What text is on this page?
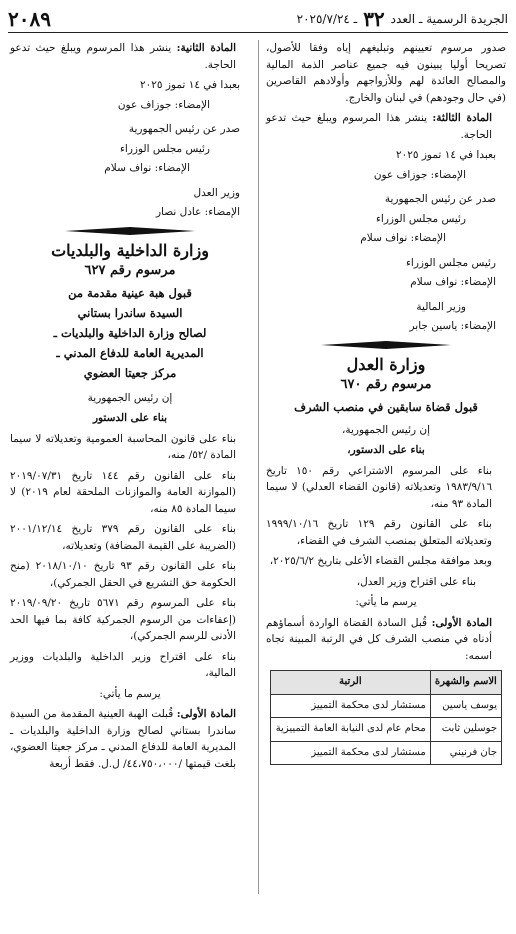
الجريدة الرسمية ـ العدد
٣٢
ـ ٢٠٢٥/٧/٢٤
٢٠٨٩

صدور مرسوم تعيينهم وتبليغهم إياه وفقا للأصول، تصريحا أوليا يبينون فيه جميع عناصر الذمة المالية والمصالح العائدة لهم وللأزواجهم وأولادهم القاصرين (في حال وجودهم) في لبنان والخارج.

المادة الثالثة: ينشر هذا المرسوم ويبلغ حيث تدعو الحاجة.

بعبدا في ١٤ تموز ٢٠٢٥

الإمضاء: جوزاف عون

صدر عن رئيس الجمهورية

رئيس مجلس الوزراء

الإمضاء: نواف سلام

رئيس مجلس الوزراء

الإمضاء: نواف سلام

وزير المالية

الإمضاء: ياسين جابر

وزارة العدل
مرسوم رقم ٦٧٠
قبول قضاة سابقين في منصب الشرف

إن رئيس الجمهورية،

بناء على الدستور،

بناء على المرسوم الاشتراعي رقم ١٥٠ تاريخ ١٩٨٣/٩/١٦ وتعديلاته (قانون القضاء العدلي) لا سيما المادة ٩٣ منه،

بناء على القانون رقم ١٢٩ تاريخ ١٩٩٩/١٠/١٦ وتعديلاته المتعلق بمنصب الشرف في القضاء،

وبعد موافقة مجلس القضاء الأعلى بتاريخ ٢٠٢٥/٦/٢،

بناء على اقتراح وزير العدل،

يرسم ما يأتي:

المادة الأولى: قُبل السادة القضاة الواردة أسماؤهم أدناه في منصب الشرف كل في الرتبة المبينة تجاه اسمه:

الاسم والشهرة	الرتبة
يوسف ياسين	مستشار لدى محكمة التمييز
جوسلين ثابت	محام عام لدى النيابة العامة التمييزية
جان فرنيني	مستشار لدى محكمة التمييز

المادة الثانية: ينشر هذا المرسوم ويبلغ حيث تدعو الحاجة.

بعبدا في ١٤ تموز ٢٠٢٥

الإمضاء: جوزاف عون

صدر عن رئيس الجمهورية

رئيس مجلس الوزراء

الإمضاء: نواف سلام

وزير العدل

الإمضاء: عادل نصار

وزارة الداخلية والبلديات
مرسوم رقم ٦٢٧
قبول هبة عينية مقدمة من
السيدة ساندرا بستاني
لصالح وزارة الداخلية والبلديات ـ
المديرية العامة للدفاع المدني ـ
مركز جعيتا العضوي

إن رئيس الجمهورية

بناء على الدستور

بناء على قانون المحاسبة العمومية وتعديلاته لا سيما المادة /٥٢/ منه،

بناء على القانون رقم ١٤٤ تاريخ ٢٠١٩/٠٧/٣١ (الموازنة العامة والموازنات الملحقة لعام ٢٠١٩) لا سيما المادة ٨٥ منه،

بناء على القانون رقم ٣٧٩ تاريخ ٢٠٠١/١٢/١٤ (الضريبة على القيمة المضافة) وتعديلاته،

بناء على القانون رقم ٩٣ تاريخ ٢٠١٨/١٠/١٠ (منح الحكومة حق التشريع في الحقل الجمركي)،

بناء على المرسوم رقم ٥٦٧١ تاريخ ٢٠١٩/٠٩/٢٠ (إعفاءات من الرسوم الجمركية كافة بما فيها الحد الأدنى للرسم الجمركي)،

بناء على اقتراح وزير الداخلية والبلديات ووزير المالية،

يرسم ما يأتي:

المادة الأولى: قُبلت الهبة العينية المقدمة من السيدة ساندرا بستاني لصالح وزارة الداخلية والبلديات ـ المديرية العامة للدفاع المدني ـ مركز جعيتا العضوي، بلغت قيمتها /٤٤،٧٥٠،٠٠٠/ ل.ل. فقط أربعة
